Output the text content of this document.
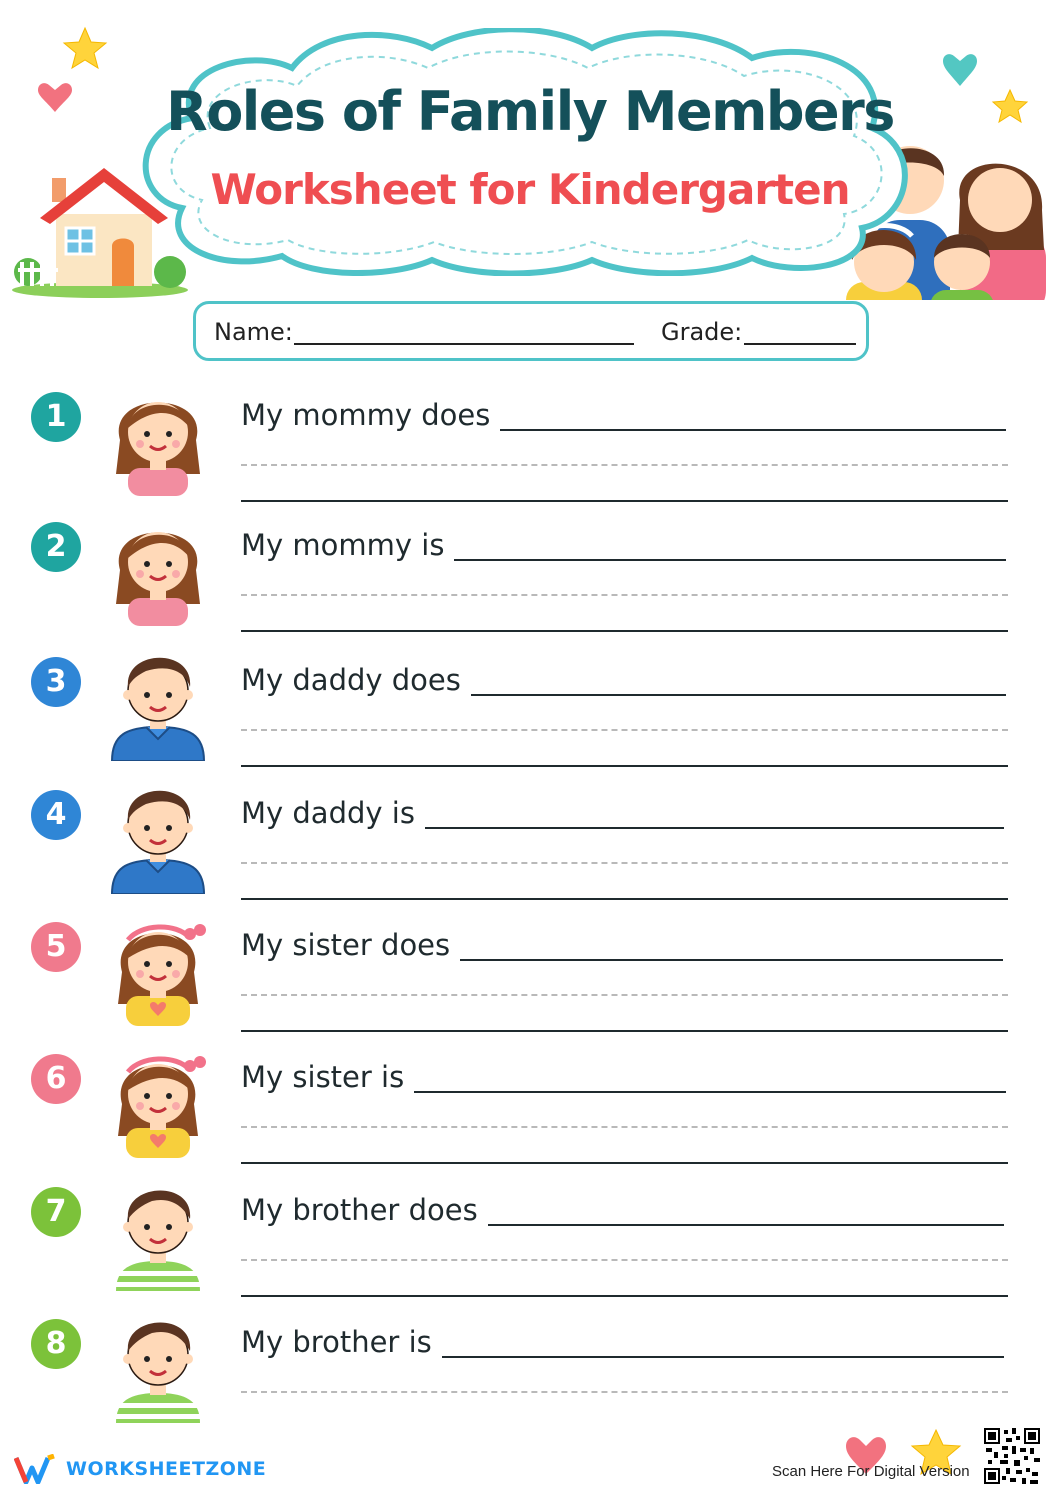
Roles of Family Members
Worksheet for Kindergarten
Name:	Grade:
1	My mommy does
2	My mommy is
3	My daddy does
4	My daddy is
5	My sister does
6	My sister is
7	My brother does
8	My brother is
WORKSHEETZONE	Scan Here For Digital Version
